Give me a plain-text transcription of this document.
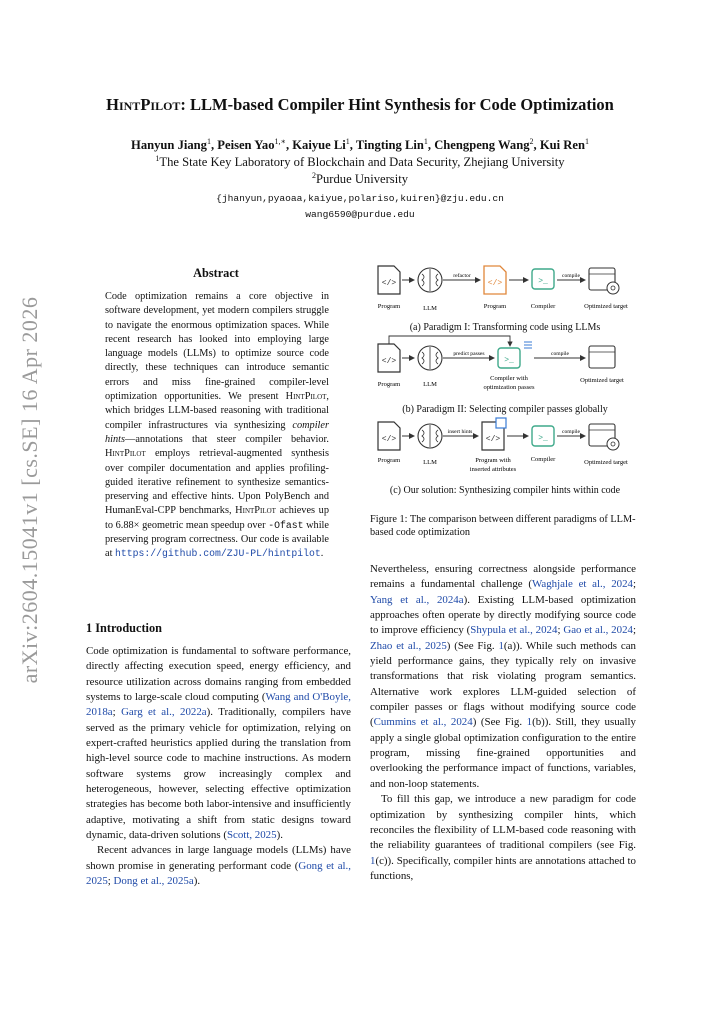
arXiv:2604.15041v1 [cs.SE] 16 Apr 2026
HintPilot: LLM-based Compiler Hint Synthesis for Code Optimization
Hanyun Jiang$^1$, Peisen Yao$^{1,∗}$, Kaiyue Li$^1$, Tingting Lin$^1$, Chengpeng Wang$^2$, Kui Ren$^1$
$^1$The State Key Laboratory of Blockchain and Data Security, Zhejiang University
$^2$Purdue University
{jhanyun,pyaoaa,kaiyue,polariso,kuiren}@zju.edu.cn
wang6590@purdue.edu
Abstract
Code optimization remains a core objective in software development, yet modern compilers struggle to navigate the enormous optimization spaces. While recent research has looked into employing large language models (LLMs) to optimize source code directly, these techniques can introduce semantic errors and miss fine-grained compiler-level optimization opportunities. We present HintPilot, which bridges LLM-based reasoning with traditional compiler infrastructures via synthesizing compiler hints—annotations that steer compiler behavior. HintPilot employs retrieval-augmented synthesis over compiler documentation and applies profiling-guided iterative refinement to synthesize semantics-preserving and effective hints. Upon PolyBench and HumanEval-CPP benchmarks, HintPilot achieves up to 6.88× geometric mean speedup over -Ofast while preserving program correctness. Our code is available at https://github.com/ZJU-PL/hintpilot.
1 Introduction

Code optimization is fundamental to software performance, directly affecting execution speed, energy efficiency, and resource utilization across domains ranging from embedded systems to large-scale cloud computing (Wang and O'Boyle, 2018a; Garg et al., 2022a). Traditionally, compilers have served as the primary vehicle for optimization, relying on expert-crafted heuristics applied during the translation from high-level source code to machine instructions. As modern software systems grow increasingly complex and heterogeneous, however, selecting effective optimization strategies has become both labor-intensive and insufficiently adaptive, motivating a shift from static designs toward dynamic, data-driven solutions (Scott, 2025).

Recent advances in large language models (LLMs) have shown promise in generating performant code (Gong et al., 2025; Dong et al., 2025a).

Nevertheless, ensuring correctness alongside performance remains a fundamental challenge (Waghjale et al., 2024; Yang et al., 2024a). Existing LLM-based optimization approaches often operate by directly modifying source code to improve efficiency (Shypula et al., 2024; Gao et al., 2024; Zhao et al., 2025) (See Fig. 1(a)). While such methods can yield performance gains, they typically rely on invasive transformations that risk violating program semantics. Alternative work explores LLM-guided selection of compiler passes or flags without modifying source code (Cummins et al., 2024) (See Fig. 1(b)). Still, they usually apply a single global optimization configuration to the entire program, missing fine-grained opportunities and overlooking the performance impact of functions, variables, and non-loop statements.

To fill this gap, we introduce a new paradigm for code optimization by synthesizing compiler hints, which reconciles the flexibility of LLM-based code reasoning with the reliability guarantees of traditional compilers (see Fig. 1(c)). Specifically, compiler hints are annotations attached to functions,

</>
Program	LLM
refactor
</>
Program
>_
Compiler
compile
Optimized target
</>
Program	LLM
predict passes
>_
Compiler with
optimization passes
compile
Optimized target
</>
Program	LLM
insert hints
</>
Program with
inserted attributes
>_
Compiler
compile
Optimized target
(a) Paradigm I: Transforming code using LLMs
(b) Paradigm II: Selecting compiler passes globally
(c) Our solution: Synthesizing compiler hints within code
Figure 1: The comparison between different paradigms of LLM-based code optimization
